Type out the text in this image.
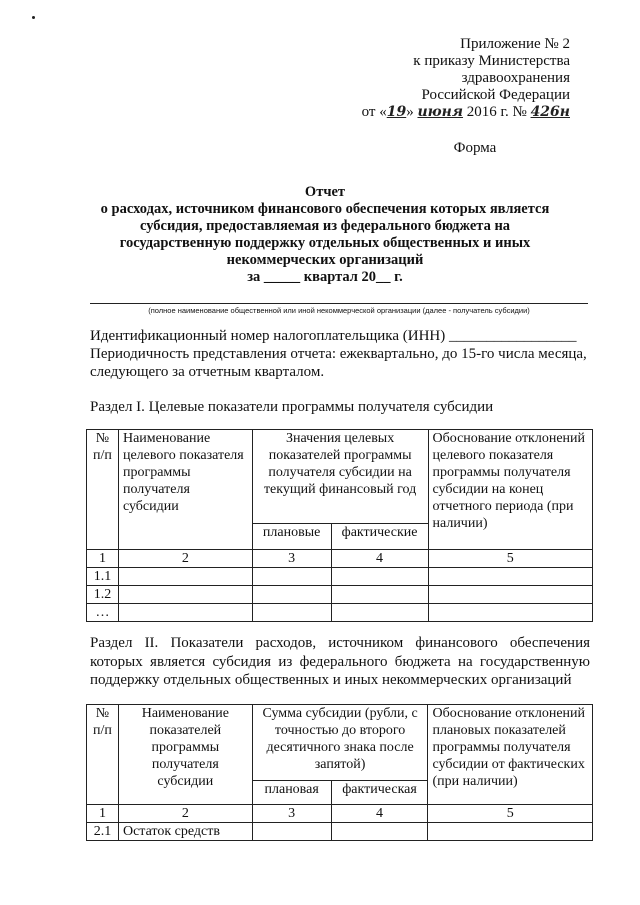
Приложение № 2
к приказу Министерства
здравоохранения
Российской Федерации
от «19» июня 2016 г. № 426н
Форма
Отчет
о расходах, источником финансового обеспечения которых является
субсидия, предоставляемая из федерального бюджета на
государственную поддержку отдельных общественных и иных
некоммерческих организаций
за _____ квартал 20__ г.
(полное наименование общественной или иной некоммерческой организации (далее - получатель субсидии)
Идентификационный номер налогоплательщика (ИНН) _________________
Периодичность представления отчета: ежеквартально, до 15-го числа месяца, следующего за отчетным кварталом.
Раздел I. Целевые показатели программы получателя субсидии
№ п/п	Наименование целевого показателя программы получателя субсидии	Значения целевых показателей программы получателя субсидии на текущий финансовый год		Обоснование отклонений целевого показателя программы получателя субсидии на конец отчетного периода (при наличии)
		плановые	фактические	
1	2	3	4	5
1.1				
1.2				
…				
Раздел II. Показатели расходов, источником финансового обеспечения которых является субсидия из федерального бюджета на государственную поддержку отдельных общественных и иных некоммерческих организаций
№ п/п	Наименование показателей программы получателя субсидии	Сумма субсидии (рубли, с точностью до второго десятичного знака после запятой)		Обоснование отклонений плановых показателей программы получателя субсидии от фактических (при наличии)
		плановая	фактическая	
1	2	3	4	5
2.1	Остаток средств			
